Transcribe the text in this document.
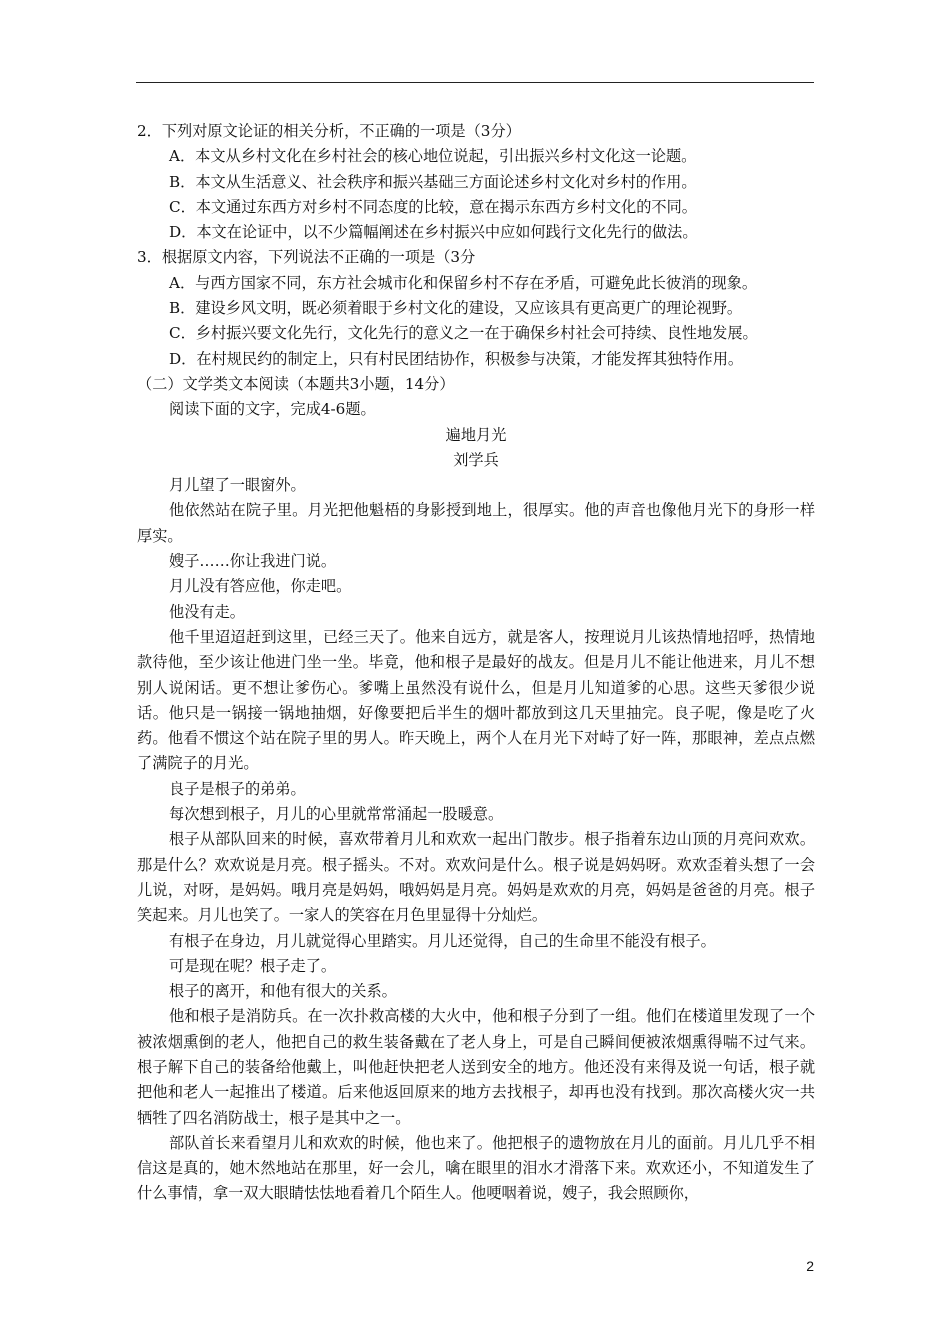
2．下列对原文论证的相关分析，不正确的一项是（3分）
A．本文从乡村文化在乡村社会的核心地位说起，引出振兴乡村文化这一论题。
B．本文从生活意义、社会秩序和振兴基础三方面论述乡村文化对乡村的作用。
C．本文通过东西方对乡村不同态度的比较，意在揭示东西方乡村文化的不同。
D．本文在论证中，以不少篇幅阐述在乡村振兴中应如何践行文化先行的做法。
3．根据原文内容，下列说法不正确的一项是（3分
A．与西方国家不同，东方社会城市化和保留乡村不存在矛盾，可避免此长彼消的现象。
B．建设乡风文明，既必须着眼于乡村文化的建设，又应该具有更高更广的理论视野。
C．乡村振兴要文化先行，文化先行的意义之一在于确保乡村社会可持续、良性地发展。
D．在村规民约的制定上，只有村民团结协作，积极参与决策，才能发挥其独特作用。
（二）文学类文本阅读（本题共3小题，14分）
阅读下面的文字，完成4-6题。
遍地月光
刘学兵
月儿望了一眼窗外。
他依然站在院子里。月光把他魁梧的身影授到地上，很厚实。他的声音也像他月光下的身形一样厚实。
嫂子……你让我进门说。
月儿没有答应他，你走吧。
他没有走。
他千里迢迢赶到这里，已经三天了。他来自远方，就是客人，按理说月儿该热情地招呼，热情地款待他，至少该让他进门坐一坐。毕竟，他和根子是最好的战友。但是月儿不能让他进来，月儿不想别人说闲话。更不想让爹伤心。爹嘴上虽然没有说什么，但是月儿知道爹的心思。这些天爹很少说话。他只是一锅接一锅地抽烟，好像要把后半生的烟叶都放到这几天里抽完。良子呢，像是吃了火药。他看不惯这个站在院子里的男人。昨天晚上，两个人在月光下对峙了好一阵，那眼神，差点点燃了满院子的月光。
良子是根子的弟弟。
每次想到根子，月儿的心里就常常涌起一股暖意。
根子从部队回来的时候，喜欢带着月儿和欢欢一起出门散步。根子指着东边山顶的月亮问欢欢。那是什么？欢欢说是月亮。根子摇头。不对。欢欢问是什么。根子说是妈妈呀。欢欢歪着头想了一会儿说，对呀，是妈妈。哦月亮是妈妈，哦妈妈是月亮。妈妈是欢欢的月亮，妈妈是爸爸的月亮。根子笑起来。月儿也笑了。一家人的笑容在月色里显得十分灿烂。
有根子在身边，月儿就觉得心里踏实。月儿还觉得，自己的生命里不能没有根子。
可是现在呢？根子走了。
根子的离开，和他有很大的关系。
他和根子是消防兵。在一次扑救高楼的大火中，他和根子分到了一组。他们在楼道里发现了一个被浓烟熏倒的老人，他把自己的救生装备戴在了老人身上，可是自己瞬间便被浓烟熏得喘不过气来。根子解下自己的装备给他戴上，叫他赶快把老人送到安全的地方。他还没有来得及说一句话，根子就把他和老人一起推出了楼道。后来他返回原来的地方去找根子，却再也没有找到。那次高楼火灾一共牺牲了四名消防战士，根子是其中之一。
部队首长来看望月儿和欢欢的时候，他也来了。他把根子的遗物放在月儿的面前。月儿几乎不相信这是真的，她木然地站在那里，好一会儿，噙在眼里的泪水才滑落下来。欢欢还小，不知道发生了什么事情，拿一双大眼睛怯怯地看着几个陌生人。他哽咽着说，嫂子，我会照顾你，
2
